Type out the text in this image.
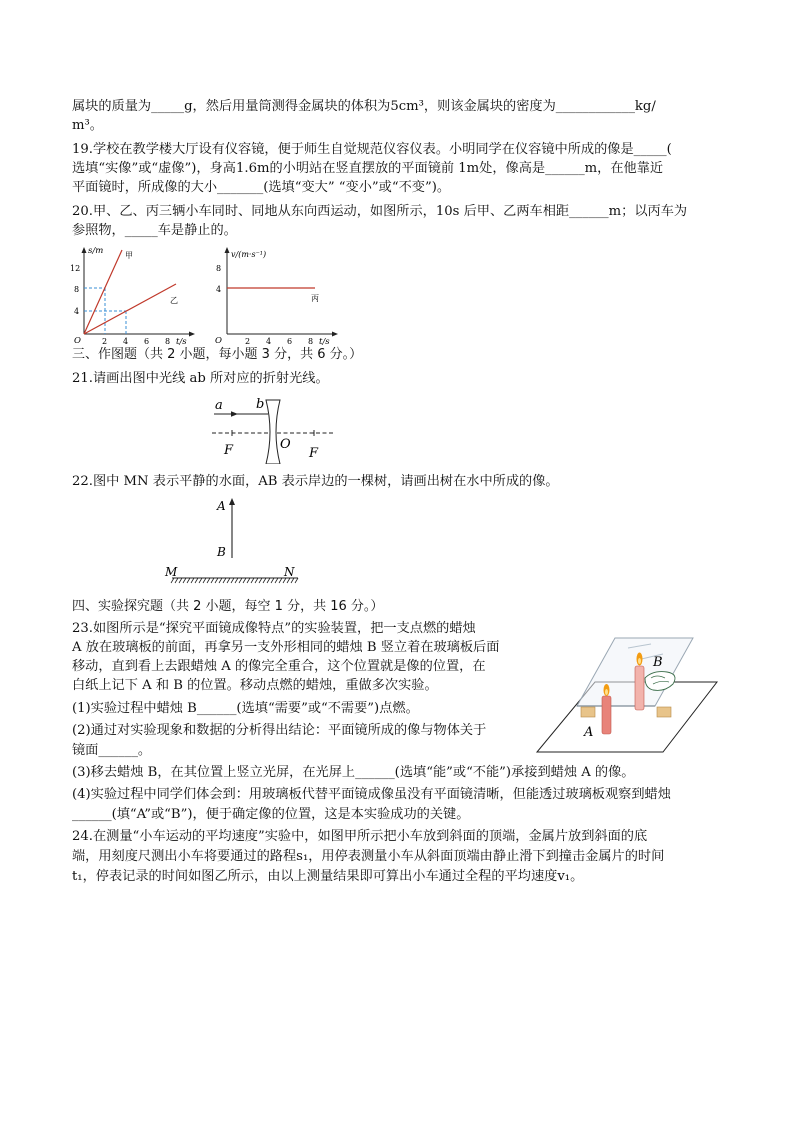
属块的质量为_____g，然后用量筒测得金属块的体积为5cm³，则该金属块的密度为____________kg/
m³。
19.学校在教学楼大厅设有仪容镜，便于师生自觉规范仪容仪表。小明同学在仪容镜中所成的像是_____(
选填“实像”或“虚像”)，身高1.6m的小明站在竖直摆放的平面镜前 1m处，像高是______m，在他靠近
平面镜时，所成像的大小_______(选填“变大” “变小”或“不变”)。
20.甲、乙、丙三辆小车同时、同地从东向西运动，如图所示，10s 后甲、乙两车相距______m；以丙车为
参照物，_____车是静止的。
三、作图题（共 2 小题，每小题 3 分，共 6 分。）
21.请画出图中光线 ab 所对应的折射光线。
22.图中 MN 表示平静的水面，AB 表示岸边的一棵树，请画出树在水中所成的像。
四、实验探究题（共 2 小题，每空 1 分，共 16 分。）
23.如图所示是“探究平面镜成像特点”的实验装置，把一支点燃的蜡烛
A 放在玻璃板的前面，再拿另一支外形相同的蜡烛 B 竖立着在玻璃板后面
移动，直到看上去跟蜡烛 A 的像完全重合，这个位置就是像的位置，在
白纸上记下 A 和 B 的位置。移动点燃的蜡烛，重做多次实验。
(1)实验过程中蜡烛 B______(选填“需要”或“不需要”)点燃。
(2)通过对实验现象和数据的分析得出结论：平面镜所成的像与物体关于
镜面______。
(3)移去蜡烛 B，在其位置上竖立光屏，在光屏上______(选填“能”或“不能”)承接到蜡烛 A 的像。
(4)实验过程中同学们体会到：用玻璃板代替平面镜成像虽没有平面镜清晰，但能透过玻璃板观察到蜡烛
______(填“A”或“B”)，便于确定像的位置，这是本实验成功的关键。
24.在测量“小车运动的平均速度”实验中，如图甲所示把小车放到斜面的顶端，金属片放到斜面的底
端，用刻度尺测出小车将要通过的路程s₁，用停表测量小车从斜面顶端由静止滑下到撞击金属片的时间
t₁，停表记录的时间如图乙所示，由以上测量结果即可算出小车通过全程的平均速度v₁。
s/m	甲
乙
12
8
4
O	2 4 6 8 t/s
v/(m·s⁻¹)
丙
8
4
O	2 4 6 8 t/s
a	b
F	O
F
A
B
M	N
A
B
